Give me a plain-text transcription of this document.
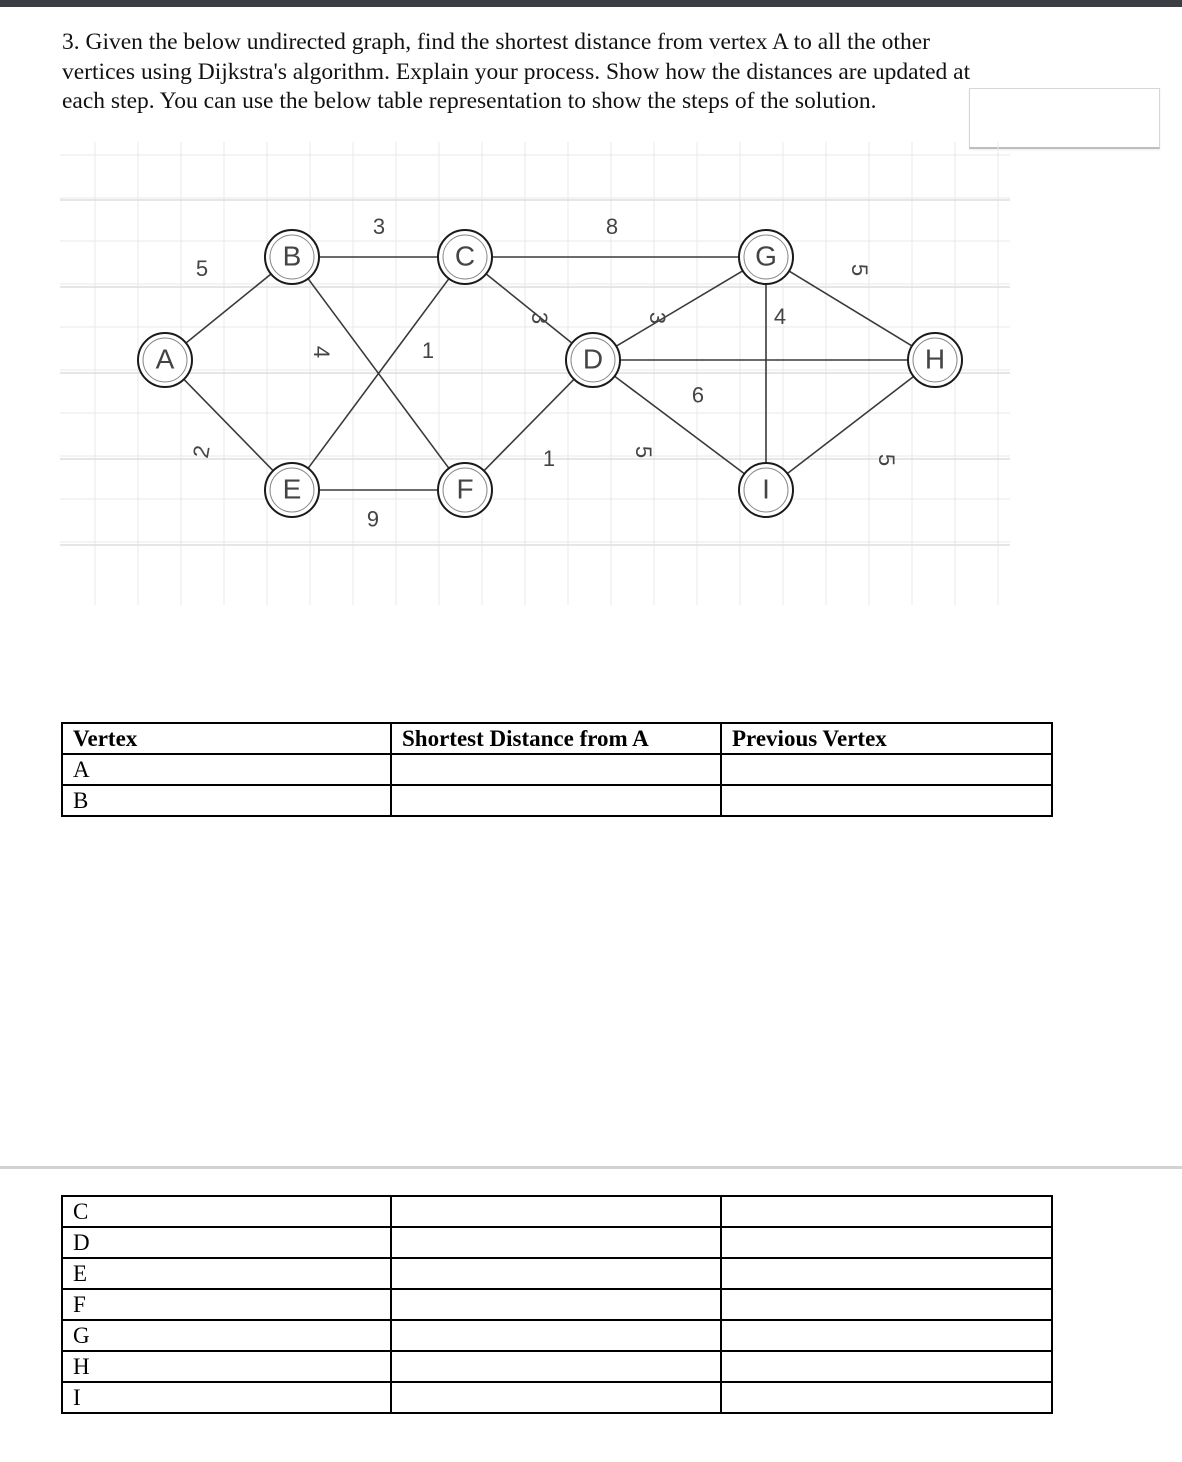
3. Given the below undirected graph, find the shortest distance from vertex A to all the other
vertices using Dijkstra's algorithm. Explain your process. Show how the distances are updated at
each step. You can use the below table representation to show the steps of the solution.
5
2
3
4	1
6
8
3	3
1
9
5
5
4
5
A
B	C
D
E	F
G
H
I
Vertex	Shortest Distance from A	Previous Vertex
A		
B		
C		
D		
E		
F		
G		
H		
I		
